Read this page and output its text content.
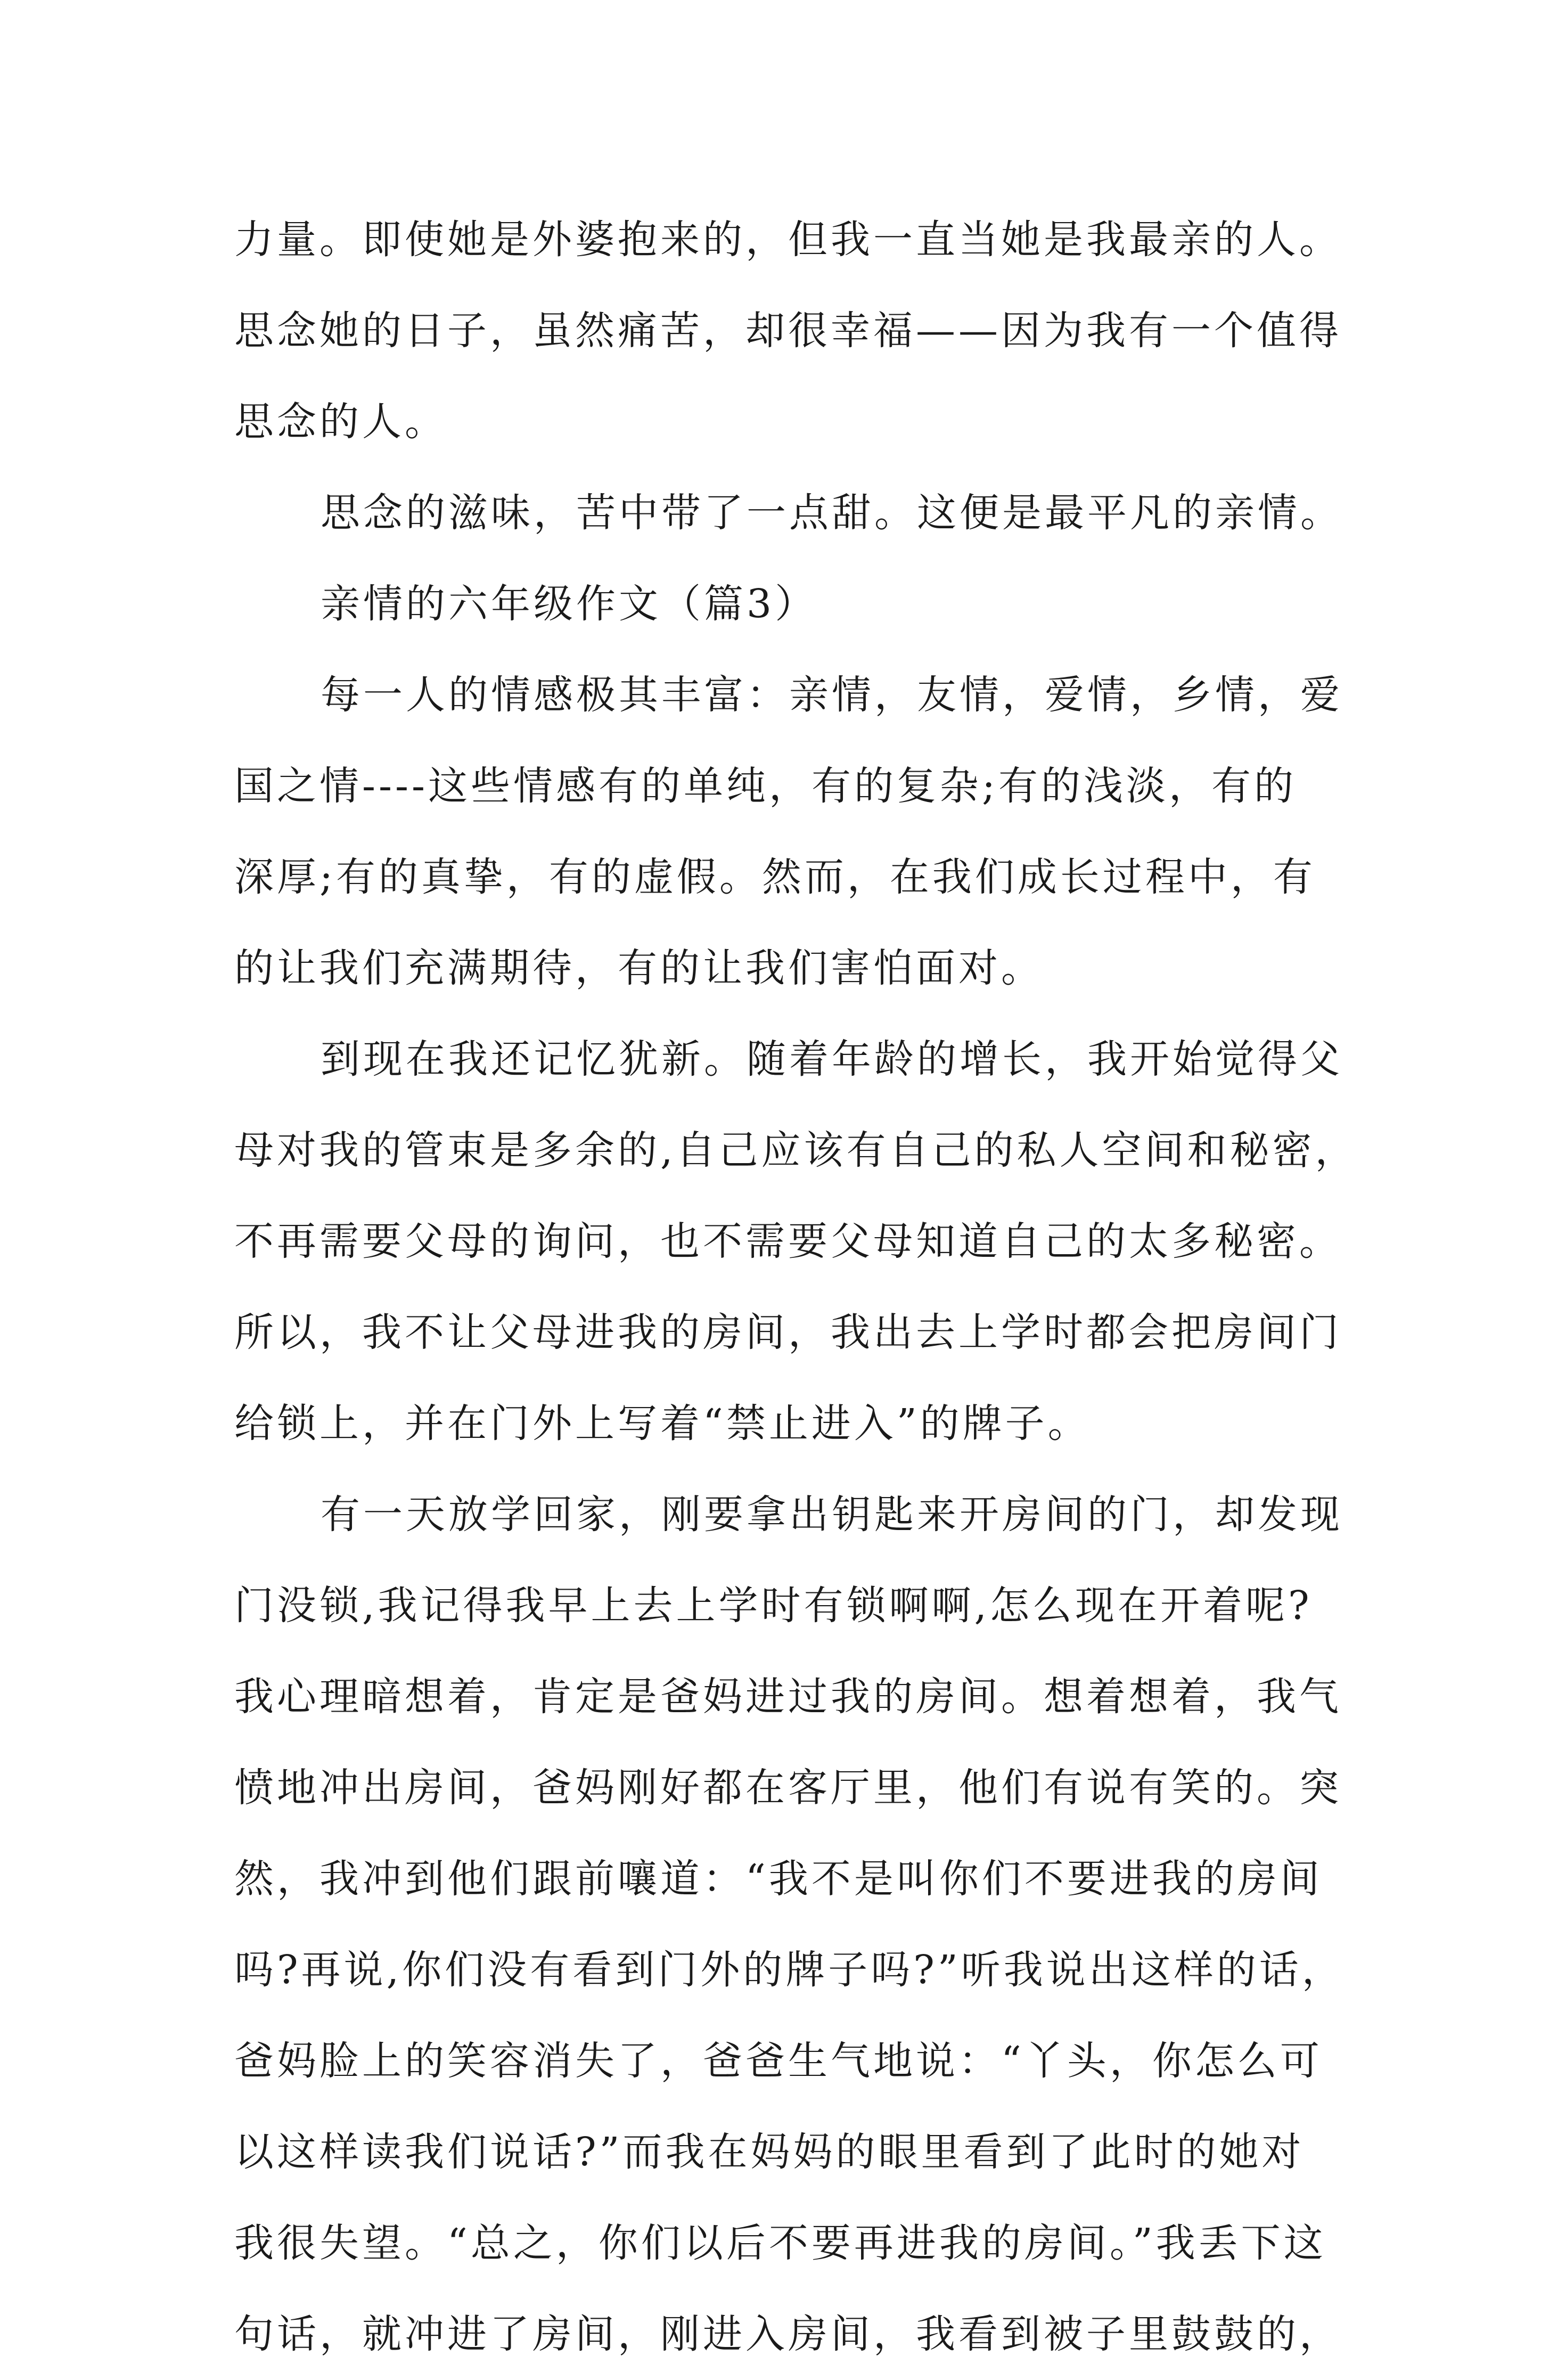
力量。即使她是外婆抱来的，但我一直当她是我最亲的人。
思念她的日子，虽然痛苦，却很幸福——因为我有一个值得
思念的人。
思念的滋味，苦中带了一点甜。这便是最平凡的亲情。
亲情的六年级作文（篇3）
每一人的情感极其丰富：亲情，友情，爱情，乡情，爱
国之情----这些情感有的单纯，有的复杂;有的浅淡，有的
深厚;有的真挚，有的虚假。然而，在我们成长过程中，有
的让我们充满期待，有的让我们害怕面对。
到现在我还记忆犹新。随着年龄的增长，我开始觉得父
母对我的管束是多余的,自己应该有自己的私人空间和秘密，
不再需要父母的询问，也不需要父母知道自己的太多秘密。
所以，我不让父母进我的房间，我出去上学时都会把房间门
给锁上，并在门外上写着“禁止进入”的牌子。
有一天放学回家，刚要拿出钥匙来开房间的门，却发现
门没锁,我记得我早上去上学时有锁啊啊,怎么现在开着呢?
我心理暗想着，肯定是爸妈进过我的房间。想着想着，我气
愤地冲出房间，爸妈刚好都在客厅里，他们有说有笑的。突
然，我冲到他们跟前嚷道：“我不是叫你们不要进我的房间
吗?再说,你们没有看到门外的牌子吗?”听我说出这样的话，
爸妈脸上的笑容消失了，爸爸生气地说：“丫头，你怎么可
以这样读我们说话?”而我在妈妈的眼里看到了此时的她对
我很失望。“总之，你们以后不要再进我的房间。”我丢下这
句话，就冲进了房间，刚进入房间，我看到被子里鼓鼓的，
